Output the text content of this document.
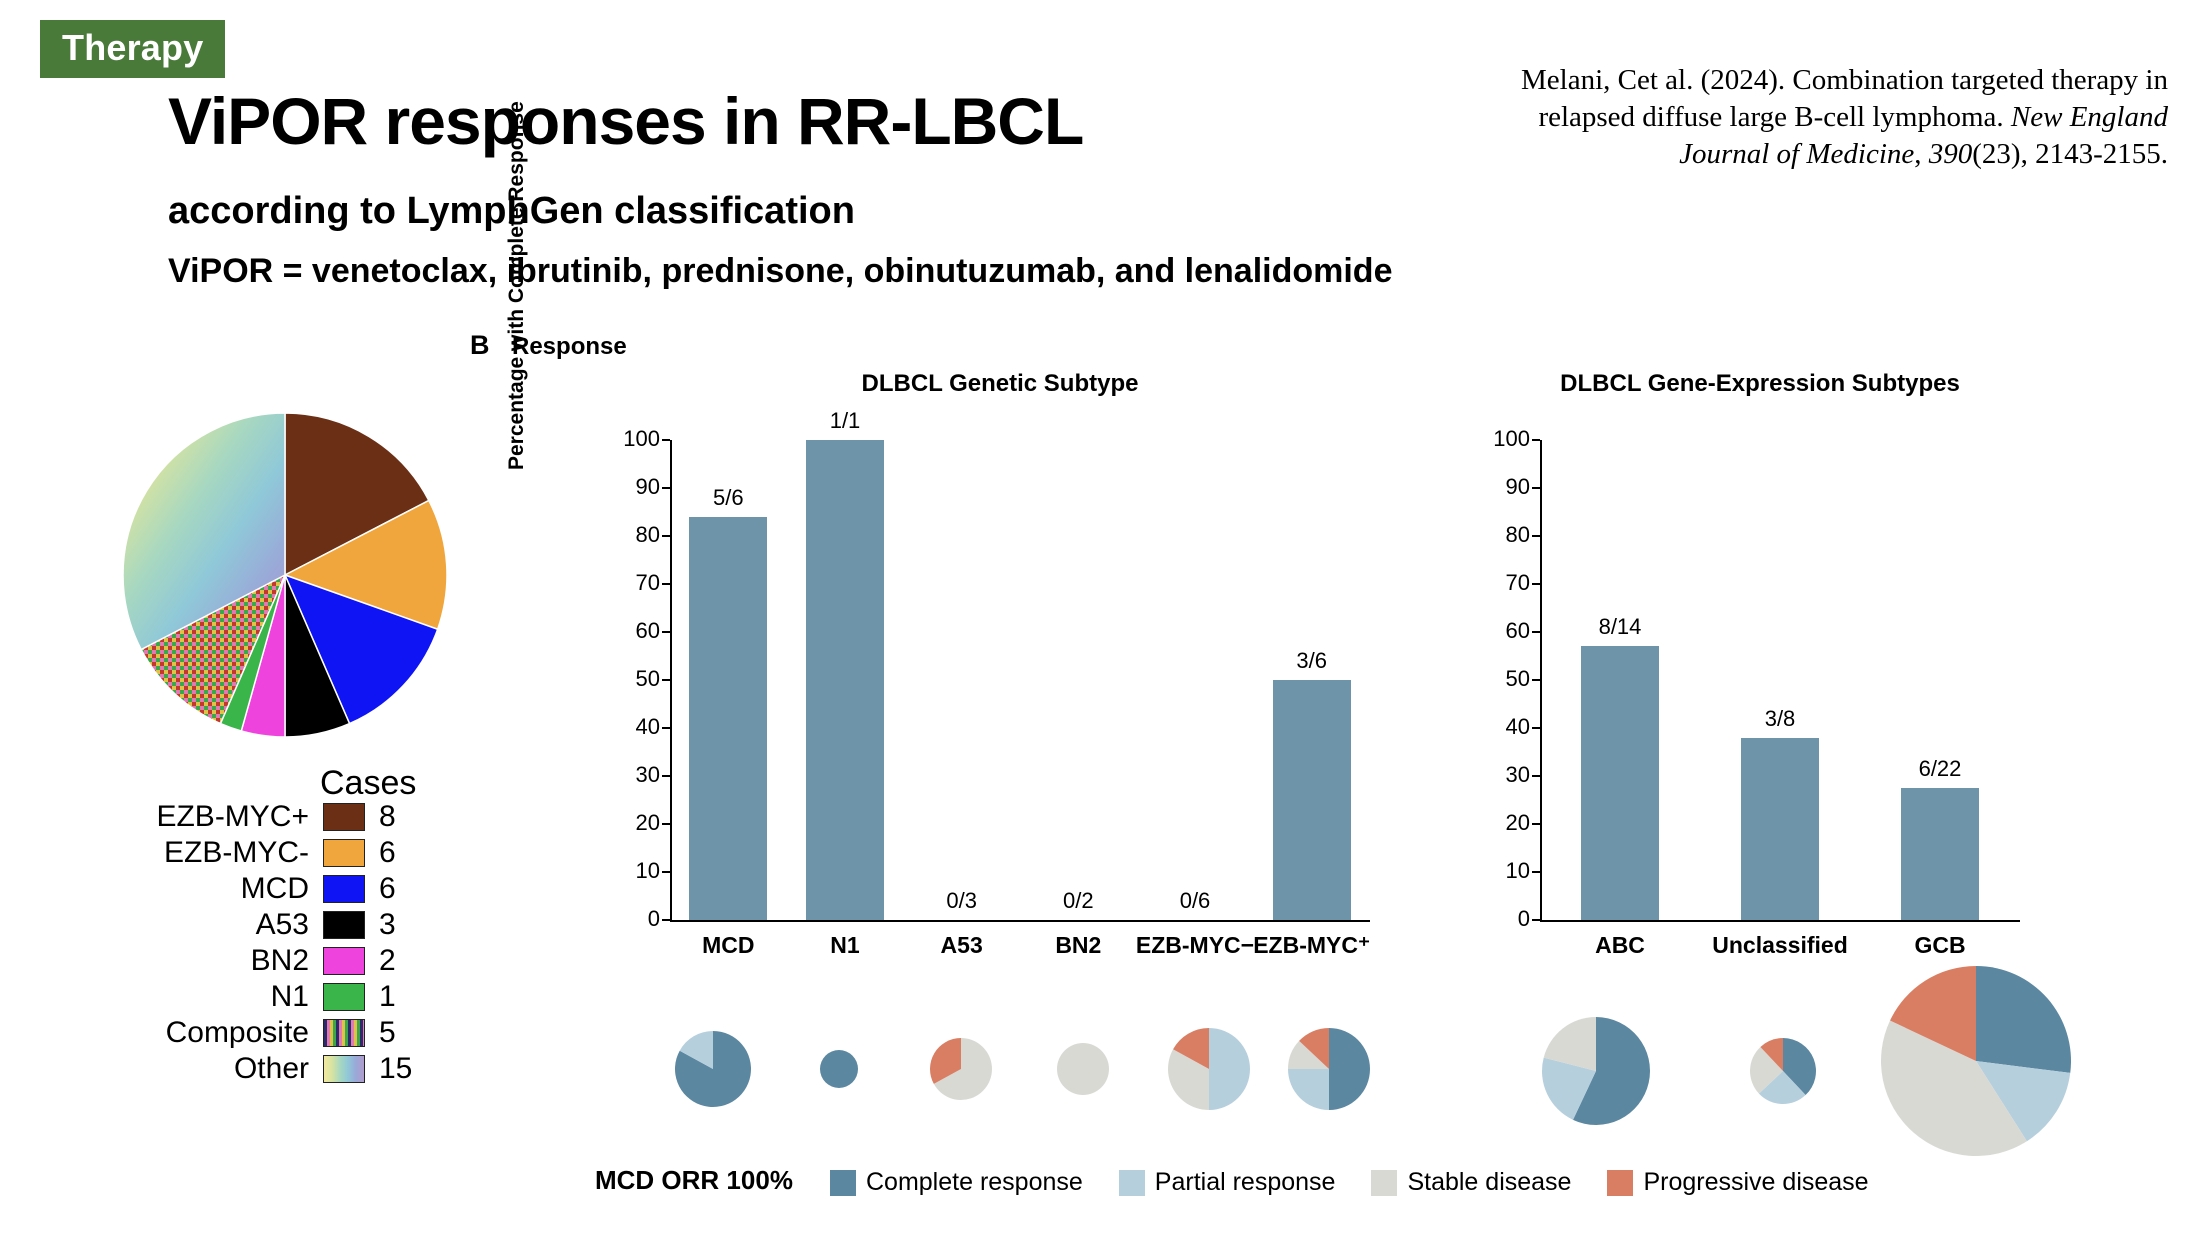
Therapy
ViPOR responses in RR-LBCL
according to LymphGen classification
ViPOR = venetoclax, ibrutinib, prednisone, obinutuzumab, and lenalidomide
Melani, Cet al. (2024). Combination targeted therapy in relapsed diffuse large B-cell lymphoma. New England Journal of Medicine, 390(23), 2143-2155.
B Response
Cases
EZB-MYC+ 8
EZB-MYC- 6
MCD 6
A53 3
BN2 2
N1 1
Composite 5
Other 15
DLBCL Genetic Subtype	DLBCL Gene-Expression Subtypes
Percentage with Complete Response
0
10
20
30
40
50
60
70
80
90
100
5/6
MCD
1/1
N1
0/3
A53
0/2
BN2
0/6
EZB-MYC−
3/6
EZB-MYC⁺
0
10
20
30
40
50
60
70
80
90
100
8/14
ABC
3/8
Unclassified
6/22
GCB
MCD ORR 100%	Complete response	Partial response	Stable disease	Progressive disease
